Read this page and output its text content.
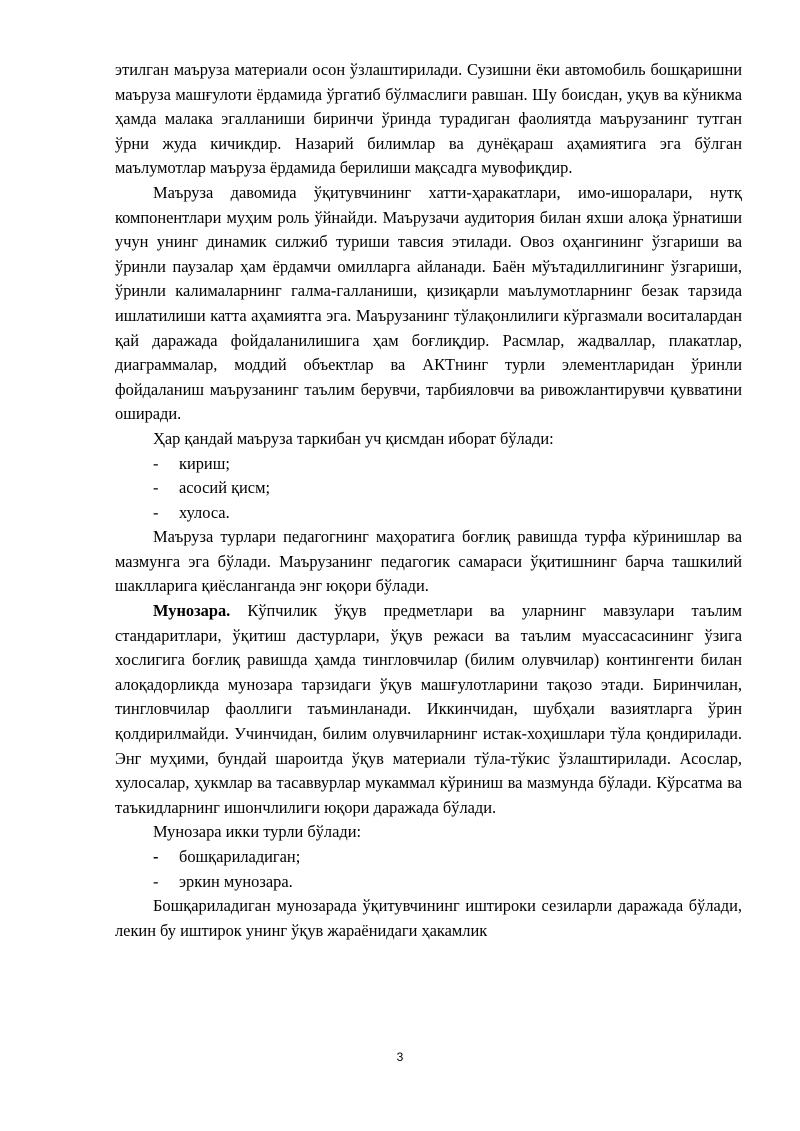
этилган маъруза материали осон ўзлаштирилади. Сузишни ёки автомобиль бошқаришни маъруза машғулоти ёрдамида ўргатиб бўлмаслиги равшан. Шу боисдан, уқув ва кўникма ҳамда малака эгалланиши биринчи ўринда турадиган фаолиятда маърузанинг тутган ўрни жуда кичикдир. Назарий билимлар ва дунёқараш аҳамиятига эга бўлган маълумотлар маъруза ёрдамида берилиши мақсадга мувофиқдир.

Маъруза давомида ўқитувчининг хатти-ҳаракатлари, имо-ишоралари, нутқ компонентлари муҳим роль ўйнайди. Маърузачи аудитория билан яхши алоқа ўрнатиши учун унинг динамик силжиб туриши тавсия этилади. Овоз оҳангининг ўзгариши ва ўринли паузалар ҳам ёрдамчи омилларга айланади. Баён мўътадиллигининг ўзгариши, ўринли калималарнинг галма-галланиши, қизиқарли маълумотларнинг безак тарзида ишлатилиши катта аҳамиятга эга. Маърузанинг тўлақонлилиги кўргазмали воситалардан қай даражада фойдаланилишига ҳам боғлиқдир. Расмлар, жадваллар, плакатлар, диаграммалар, моддий объектлар ва АКТнинг турли элементларидан ўринли фойдаланиш маърузанинг таълим берувчи, тарбияловчи ва ривожлантирувчи қувватини оширади.

Ҳар қандай маъруза таркибан уч қисмдан иборат бўлади:

- кириш;
- асосий қисм;
- хулоса.

Маъруза турлари педагогнинг маҳоратига боғлиқ равишда турфа кўринишлар ва мазмунга эга бўлади. Маърузанинг педагогик самараси ўқитишнинг барча ташкилий шаклларига қиёсланганда энг юқори бўлади.

Мунозара. Кўпчилик ўқув предметлари ва уларнинг мавзулари таълим стандаритлари, ўқитиш дастурлари, ўқув режаси ва таълим муассасасининг ўзига хослигига боғлиқ равишда ҳамда тингловчилар (билим олувчилар) контингенти билан алоқадорликда мунозара тарзидаги ўқув машғулотларини тақозо этади. Биринчилан, тингловчилар фаоллиги таъминланади. Иккинчидан, шубҳали вазиятларга ўрин қолдирилмайди. Учинчидан, билим олувчиларнинг истак-хоҳишлари тўла қондирилади. Энг муҳими, бундай шароитда ўқув материали тўла-тўкис ўзлаштирилади. Асослар, хулосалар, ҳукмлар ва тасаввурлар мукаммал кўриниш ва мазмунда бўлади. Кўрсатма ва таъкидларнинг ишончлилиги юқори даражада бўлади.

Мунозара икки турли бўлади:

- бошқариладиган;
- эркин мунозара.

Бошқариладиган мунозарада ўқитувчининг иштироки сезиларли даражада бўлади, лекин бу иштирок унинг ўқув жараёнидаги ҳакамлик

3
